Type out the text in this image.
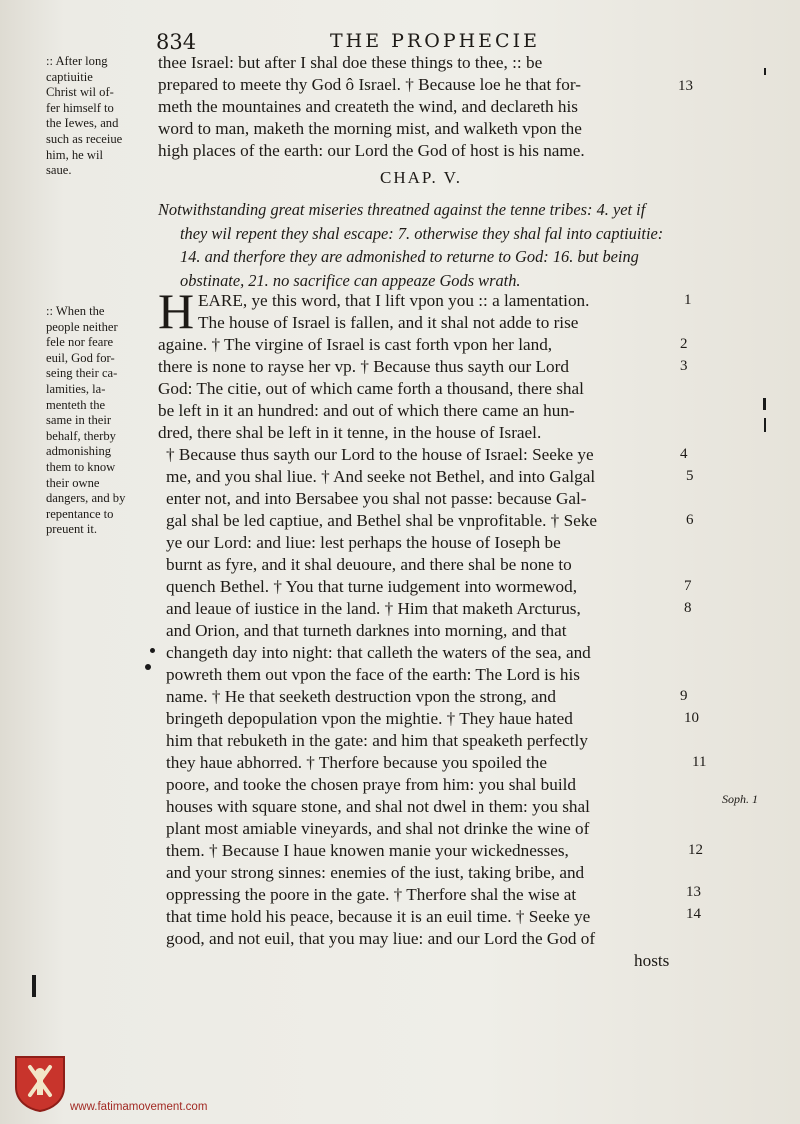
834	THE PROPHECIE
:: After long
captiuitie
Christ wil of-
fer himself to
the Iewes, and
such as receiue
him, he wil
saue.
:: When the
people neither
fele nor feare
euil, God for-
seing their ca-
lamities, la-
menteth the
same in their
behalf, therby
admonishing
them to know
their owne
dangers, and by
repentance to
preuent it.
thee Israel: but after I shal doe these things to thee, :: be
prepared to meete thy God ô Israel. † Because loe he that for-
meth the mountaines and createth the wind, and declareth his
word to man, maketh the morning mist, and walketh vpon the
high places of the earth: our Lord the God of host is his name.
13
CHAP. V.
Notwithstanding great miseries threatned against the tenne tribes: 4. yet if
they wil repent they shal escape: 7. otherwise they shal fal into captiuitie:
14. and therfore they are admonished to returne to God: 16. but being
obstinate, 21. no sacrifice can appeaze Gods wrath.
H EARE, ye this word, that I lift vpon you :: a lamentation.
The house of Israel is fallen, and it shal not adde to rise
againe. † The virgine of Israel is cast forth vpon her land,
there is none to rayse her vp. † Because thus sayth our Lord
God: The citie, out of which came forth a thousand, there shal
be left in it an hundred: and out of which there came an hun-
dred, there shal be left in it tenne, in the house of Israel.
† Because thus sayth our Lord to the house of Israel: Seeke ye
me, and you shal liue. † And seeke not Bethel, and into Galgal
enter not, and into Bersabee you shal not passe: because Gal-
gal shal be led captiue, and Bethel shal be vnprofitable. † Seke
ye our Lord: and liue: lest perhaps the house of Ioseph be
burnt as fyre, and it shal deuoure, and there shal be none to
quench Bethel. † You that turne iudgement into wormewod,
and leaue of iustice in the land. † Him that maketh Arcturus,
and Orion, and that turneth darknes into morning, and that
changeth day into night: that calleth the waters of the sea, and
powreth them out vpon the face of the earth: The Lord is his
name. † He that seeketh destruction vpon the strong, and
bringeth depopulation vpon the mightie. † They haue hated
him that rebuketh in the gate: and him that speaketh perfectly
they haue abhorred. † Therfore because you spoiled the
poore, and tooke the chosen praye from him: you shal build
houses with square stone, and shal not dwel in them: you shal
plant most amiable vineyards, and shal not drinke the wine of
them. † Because I haue knowen manie your wickednesses,
and your strong sinnes: enemies of the iust, taking bribe, and
oppressing the poore in the gate. † Therfore shal the wise at
that time hold his peace, because it is an euil time. † Seeke ye
good, and not euil, that you may liue: and our Lord the God of
hosts
1
2
3
4
5
6
7
8
9
10
11
12
13
14
Soph. 1
www.fatimamovement.com
